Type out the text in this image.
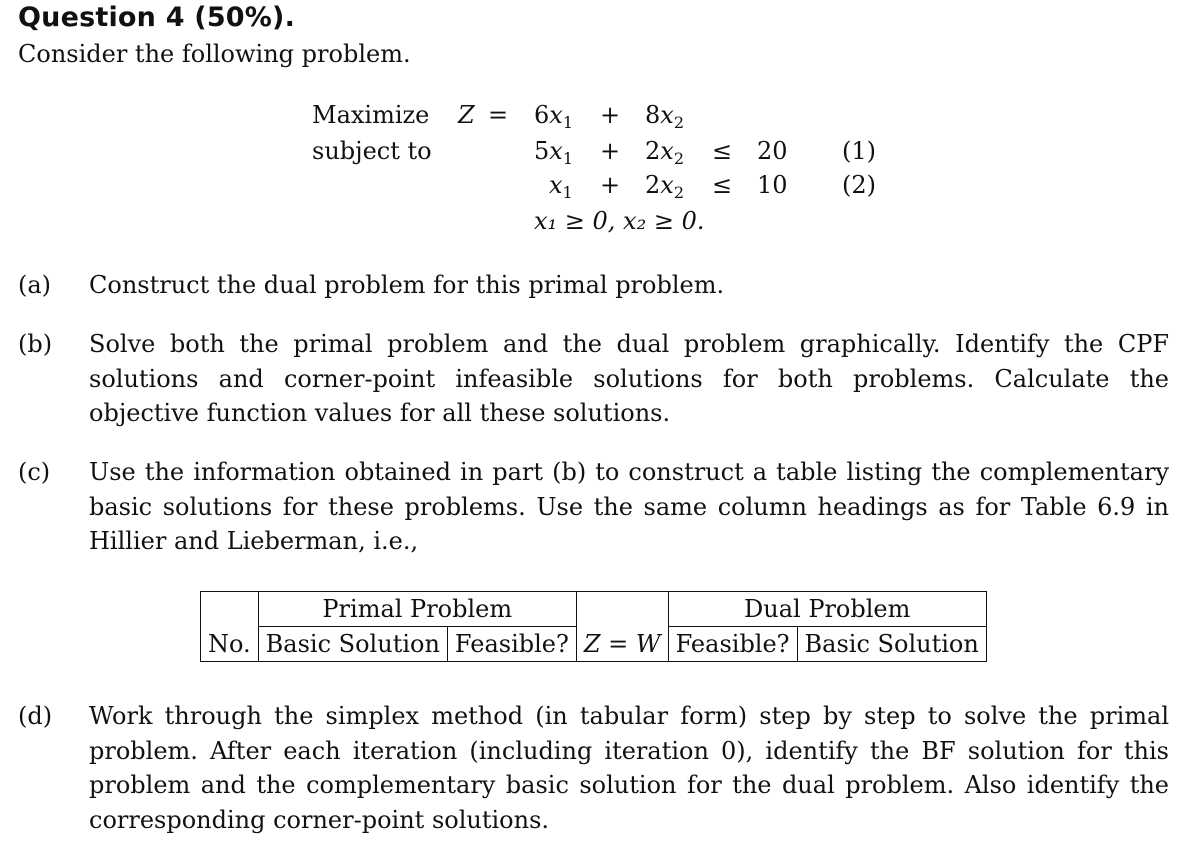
Question 4 (50%).
Consider the following problem.
Maximize $Z = 6x_1 + 8x_2$
subject to	$5x_1 + 2x_2 \le 20$ (1)
$x_1 + 2x_2 \le 10$ (2)
x₁ ≥ 0, x₂ ≥ 0.
(a)	Construct the dual problem for this primal problem.
(b)	Solve both the primal problem and the dual problem graphically. Identify the CPF solutions and corner-point infeasible solutions for both problems. Calculate the objective function values for all these solutions.
(c)	Use the information obtained in part (b) to construct a table listing the complementary basic solutions for these problems. Use the same column headings as for Table 6.9 in Hillier and Lieberman, i.e.,
	Primal Problem			Dual Problem	
No.	Basic Solution	Feasible?	Z = W	Feasible?	Basic Solution
(d)	Work through the simplex method (in tabular form) step by step to solve the primal problem. After each iteration (including iteration 0), identify the BF solution for this problem and the complementary basic solution for the dual problem. Also identify the corresponding corner-point solutions.
